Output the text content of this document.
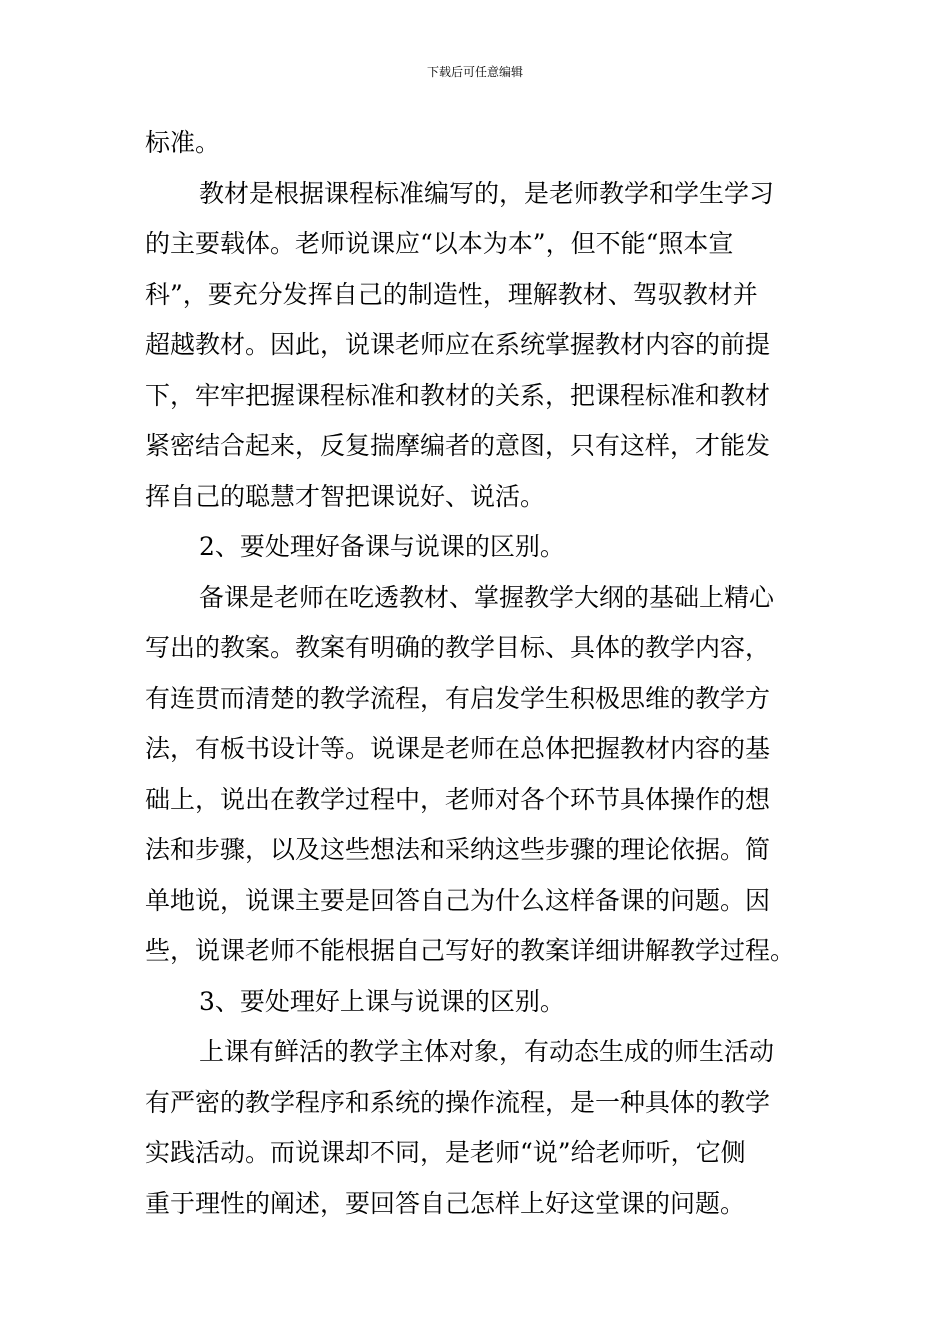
下载后可任意编辑
标准。
教材是根据课程标准编写的，是老师教学和学生学习
的主要载体。老师说课应“以本为本”，但不能“照本宣
科”，要充分发挥自己的制造性，理解教材、驾驭教材并
超越教材。因此，说课老师应在系统掌握教材内容的前提
下，牢牢把握课程标准和教材的关系，把课程标准和教材
紧密结合起来，反复揣摩编者的意图，只有这样，才能发
挥自己的聪慧才智把课说好、说活。
2、要处理好备课与说课的区别。
备课是老师在吃透教材、掌握教学大纲的基础上精心
写出的教案。教案有明确的教学目标、具体的教学内容，
有连贯而清楚的教学流程，有启发学生积极思维的教学方
法，有板书设计等。说课是老师在总体把握教材内容的基
础上，说出在教学过程中，老师对各个环节具体操作的想
法和步骤，以及这些想法和采纳这些步骤的理论依据。简
单地说，说课主要是回答自己为什么这样备课的问题。因
些，说课老师不能根据自己写好的教案详细讲解教学过程。
3、要处理好上课与说课的区别。
上课有鲜活的教学主体对象，有动态生成的师生活动
有严密的教学程序和系统的操作流程，是一种具体的教学
实践活动。而说课却不同，是老师“说”给老师听，它侧
重于理性的阐述，要回答自己怎样上好这堂课的问题。
